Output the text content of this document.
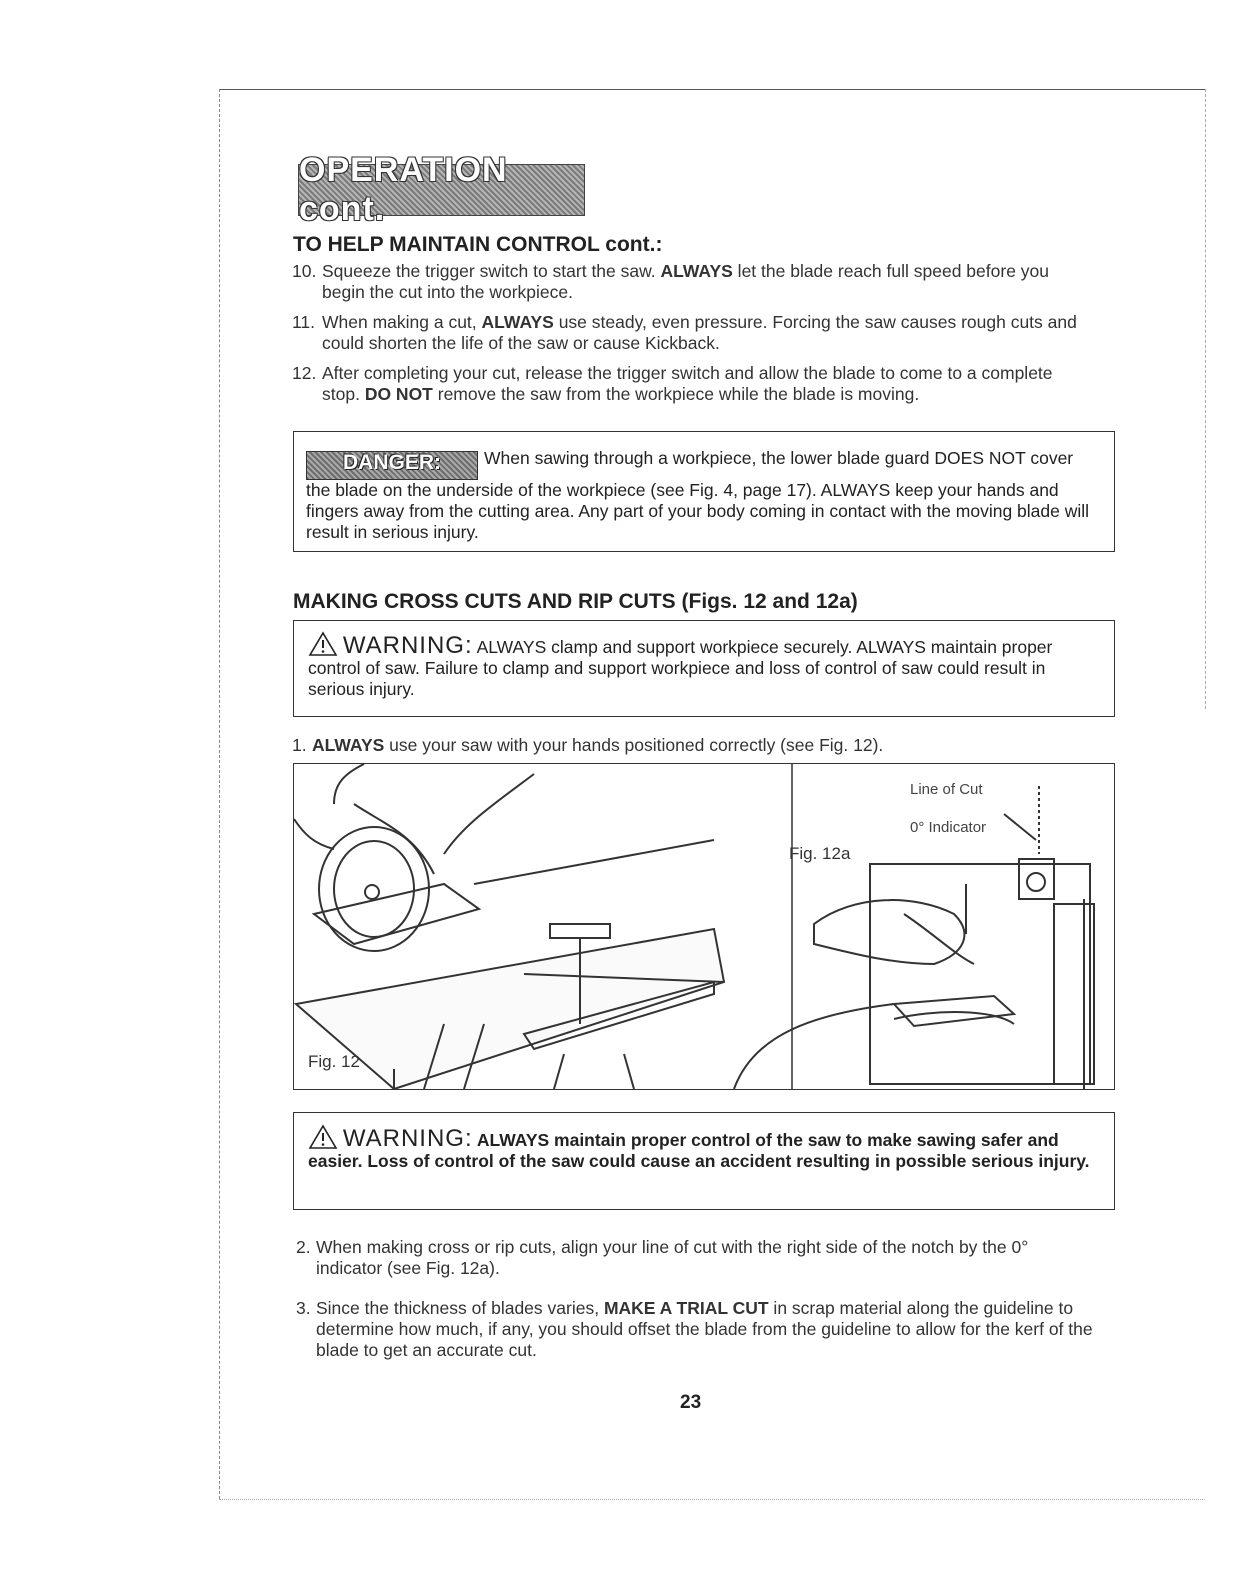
OPERATION cont.
TO HELP MAINTAIN CONTROL cont.:
10. Squeeze the trigger switch to start the saw. ALWAYS let the blade reach full speed before you begin the cut into the workpiece.
11. When making a cut, ALWAYS use steady, even pressure. Forcing the saw causes rough cuts and could shorten the life of the saw or cause Kickback.
12. After completing your cut, release the trigger switch and allow the blade to come to a complete stop. DO NOT remove the saw from the workpiece while the blade is moving.
DANGER: When sawing through a workpiece, the lower blade guard DOES NOT cover the blade on the underside of the workpiece (see Fig. 4, page 17). ALWAYS keep your hands and fingers away from the cutting area. Any part of your body coming in contact with the moving blade will result in serious injury.
MAKING CROSS CUTS AND RIP CUTS (Figs. 12 and 12a)
WARNING: ALWAYS clamp and support workpiece securely. ALWAYS maintain proper control of saw. Failure to clamp and support workpiece and loss of control of saw could result in serious injury.
1. ALWAYS use your saw with your hands positioned correctly (see Fig. 12).
Fig. 12
Fig. 12a
Line of Cut
0° Indicator
WARNING: ALWAYS maintain proper control of the saw to make sawing safer and easier. Loss of control of the saw could cause an accident resulting in possible serious injury.
2. When making cross or rip cuts, align your line of cut with the right side of the notch by the 0° indicator (see Fig. 12a).
3. Since the thickness of blades varies, MAKE A TRIAL CUT in scrap material along the guideline to determine how much, if any, you should offset the blade from the guideline to allow for the kerf of the blade to get an accurate cut.
23
